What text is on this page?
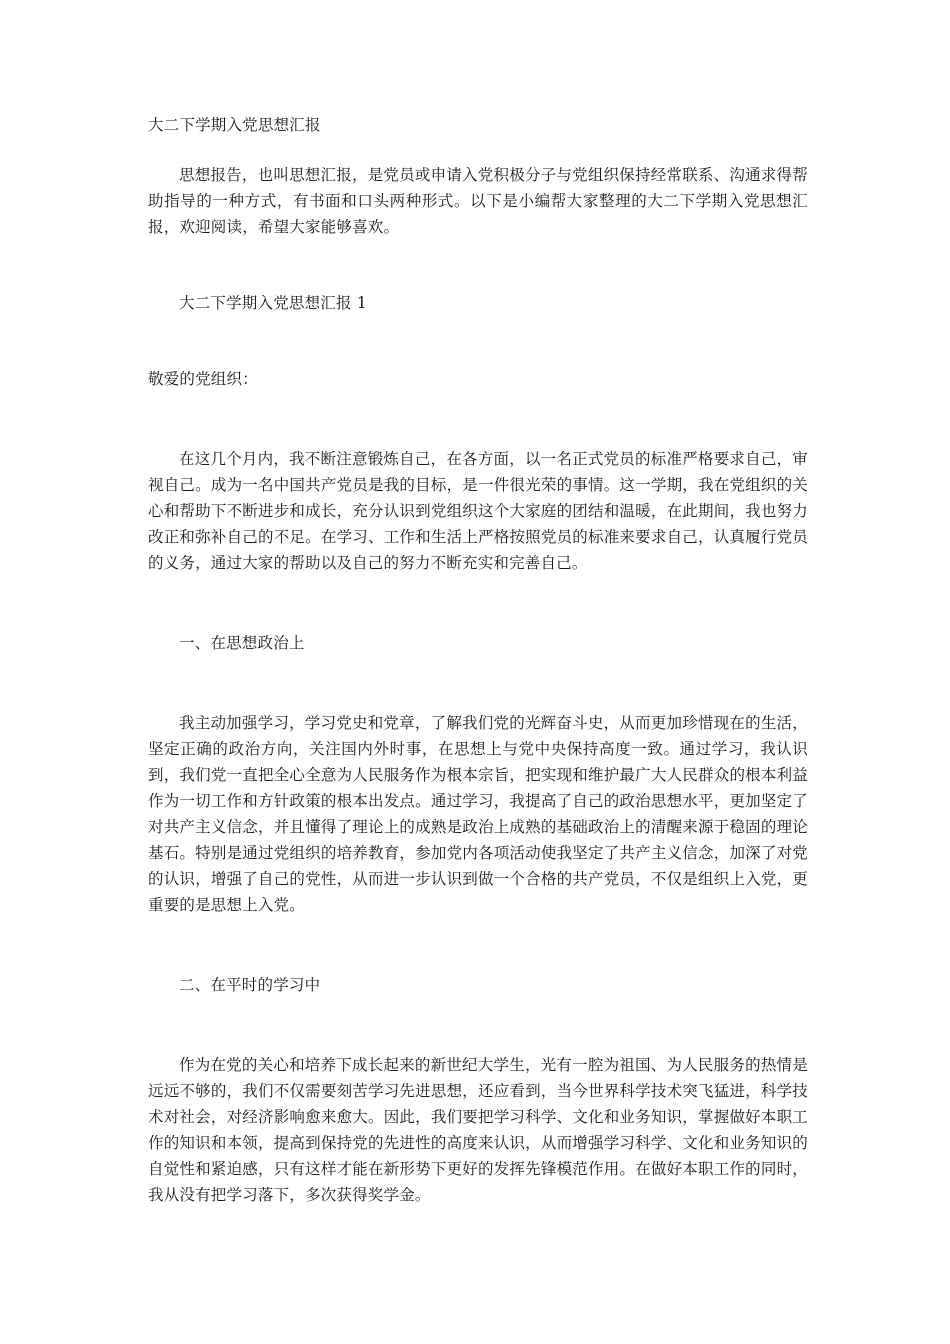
大二下学期入党思想汇报

思想报告，也叫思想汇报，是党员或申请入党积极分子与党组织保持经常联系、沟通求得帮助指导的一种方式，有书面和口头两种形式。以下是小编帮大家整理的大二下学期入党思想汇报，欢迎阅读，希望大家能够喜欢。

大二下学期入党思想汇报 1

敬爱的党组织：

在这几个月内，我不断注意锻炼自己，在各方面，以一名正式党员的标准严格要求自己，审视自己。成为一名中国共产党员是我的目标，是一件很光荣的事情。这一学期，我在党组织的关心和帮助下不断进步和成长，充分认识到党组织这个大家庭的团结和温暖，在此期间，我也努力改正和弥补自己的不足。在学习、工作和生活上严格按照党员的标准来要求自己，认真履行党员的义务，通过大家的帮助以及自己的努力不断充实和完善自己。

一、在思想政治上

我主动加强学习，学习党史和党章，了解我们党的光辉奋斗史，从而更加珍惜现在的生活，坚定正确的政治方向，关注国内外时事，在思想上与党中央保持高度一致。通过学习，我认识到，我们党一直把全心全意为人民服务作为根本宗旨，把实现和维护最广大人民群众的根本利益作为一切工作和方针政策的根本出发点。通过学习，我提高了自己的政治思想水平，更加坚定了对共产主义信念，并且懂得了理论上的成熟是政治上成熟的基础政治上的清醒来源于稳固的理论基石。特别是通过党组织的培养教育，参加党内各项活动使我坚定了共产主义信念，加深了对党的认识，增强了自己的党性，从而进一步认识到做一个合格的共产党员，不仅是组织上入党，更重要的是思想上入党。

二、在平时的学习中

作为在党的关心和培养下成长起来的新世纪大学生，光有一腔为祖国、为人民服务的热情是远远不够的，我们不仅需要刻苦学习先进思想，还应看到，当今世界科学技术突飞猛进，科学技术对社会，对经济影响愈来愈大。因此，我们要把学习科学、文化和业务知识，掌握做好本职工作的知识和本领，提高到保持党的先进性的高度来认识，从而增强学习科学、文化和业务知识的自觉性和紧迫感，只有这样才能在新形势下更好的发挥先锋模范作用。在做好本职工作的同时，我从没有把学习落下，多次获得奖学金。
